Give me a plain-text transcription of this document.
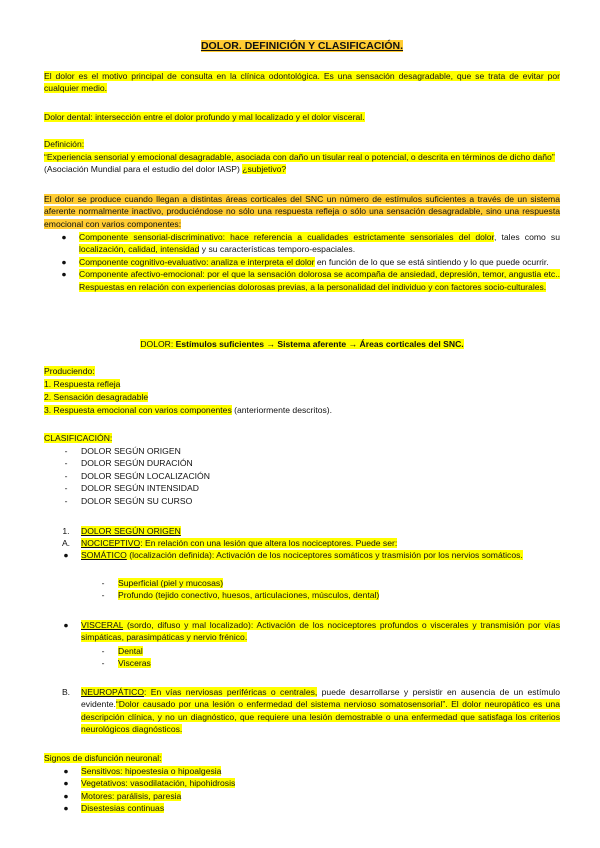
DOLOR. DEFINICIÓN Y CLASIFICACIÓN.
El dolor es el motivo principal de consulta en la clínica odontológica. Es una sensación desagradable, que se trata de evitar por cualquier medio.
Dolor dental: intersección entre el dolor profundo y mal localizado y el dolor visceral.
Definición:
“Experiencia sensorial y emocional desagradable, asociada con daño un tisular real o potencial, o descrita en términos de dicho daño” (Asociación Mundial para el estudio del dolor IASP) ¿subjetivo?
El dolor se produce cuando llegan a distintas áreas corticales del SNC un número de estímulos suficientes a través de un sistema aferente normalmente inactivo, produciéndose no sólo una respuesta refleja o sólo una sensación desagradable, sino una respuesta emocional con varios componentes:
●	Componente sensorial-discriminativo: hace referencia a cualidades estrictamente sensoriales del dolor, tales como su localización, calidad, intensidad y su características temporo-espaciales.
●	Componente cognitivo-evaluativo: analiza e interpreta el dolor en función de lo que se está sintiendo y lo que puede ocurrir.
●	Componente afectivo-emocional: por el que la sensación dolorosa se acompaña de ansiedad, depresión, temor, angustia etc.. Respuestas en relación con experiencias dolorosas previas, a la personalidad del individuo y con factores socio-culturales.
DOLOR: Estímulos suficientes → Sistema aferente → Áreas corticales del SNC.
Produciendo:
1. Respuesta refleja
2. Sensación desagradable
3. Respuesta emocional con varios componentes (anteriormente descritos).
CLASIFICACIÓN:
-	DOLOR SEGÚN ORIGEN
-	DOLOR SEGÚN DURACIÓN
-	DOLOR SEGÚN LOCALIZACIÓN
-	DOLOR SEGÚN INTENSIDAD
-	DOLOR SEGÚN SU CURSO
1.	DOLOR SEGÚN ORIGEN
A.	NOCICEPTIVO: En relación con una lesión que altera los nociceptores. Puede ser:
●	SOMÁTICO (localización definida): Activación de los nociceptores somáticos y trasmisión por los nervios somáticos.
-	Superficial (piel y mucosas)
-	Profundo (tejido conectivo, huesos, articulaciones, músculos, dental)
●	VISCERAL (sordo, difuso y mal localizado): Activación de los nociceptores profundos o viscerales y transmisión por vías simpáticas, parasimpáticas y nervio frénico.
-	Dental
-	Visceras
B.	NEUROPÁTICO: En vías nerviosas periféricas o centrales, puede desarrollarse y persistir en ausencia de un estímulo evidente.“Dolor causado por una lesión o enfermedad del sistema nervioso somatosensorial”. El dolor neuropático es una descripción clínica, y no un diagnóstico, que requiere una lesión demostrable o una enfermedad que satisfaga los criterios neurológicos diagnósticos.
Signos de disfunción neuronal:
●	Sensitivos: hipoestesia o hipoalgesia
●	Vegetativos: vasodilatación, hipohidrosis
●	Motores: parálisis, paresia
●	Disestesias continuas
